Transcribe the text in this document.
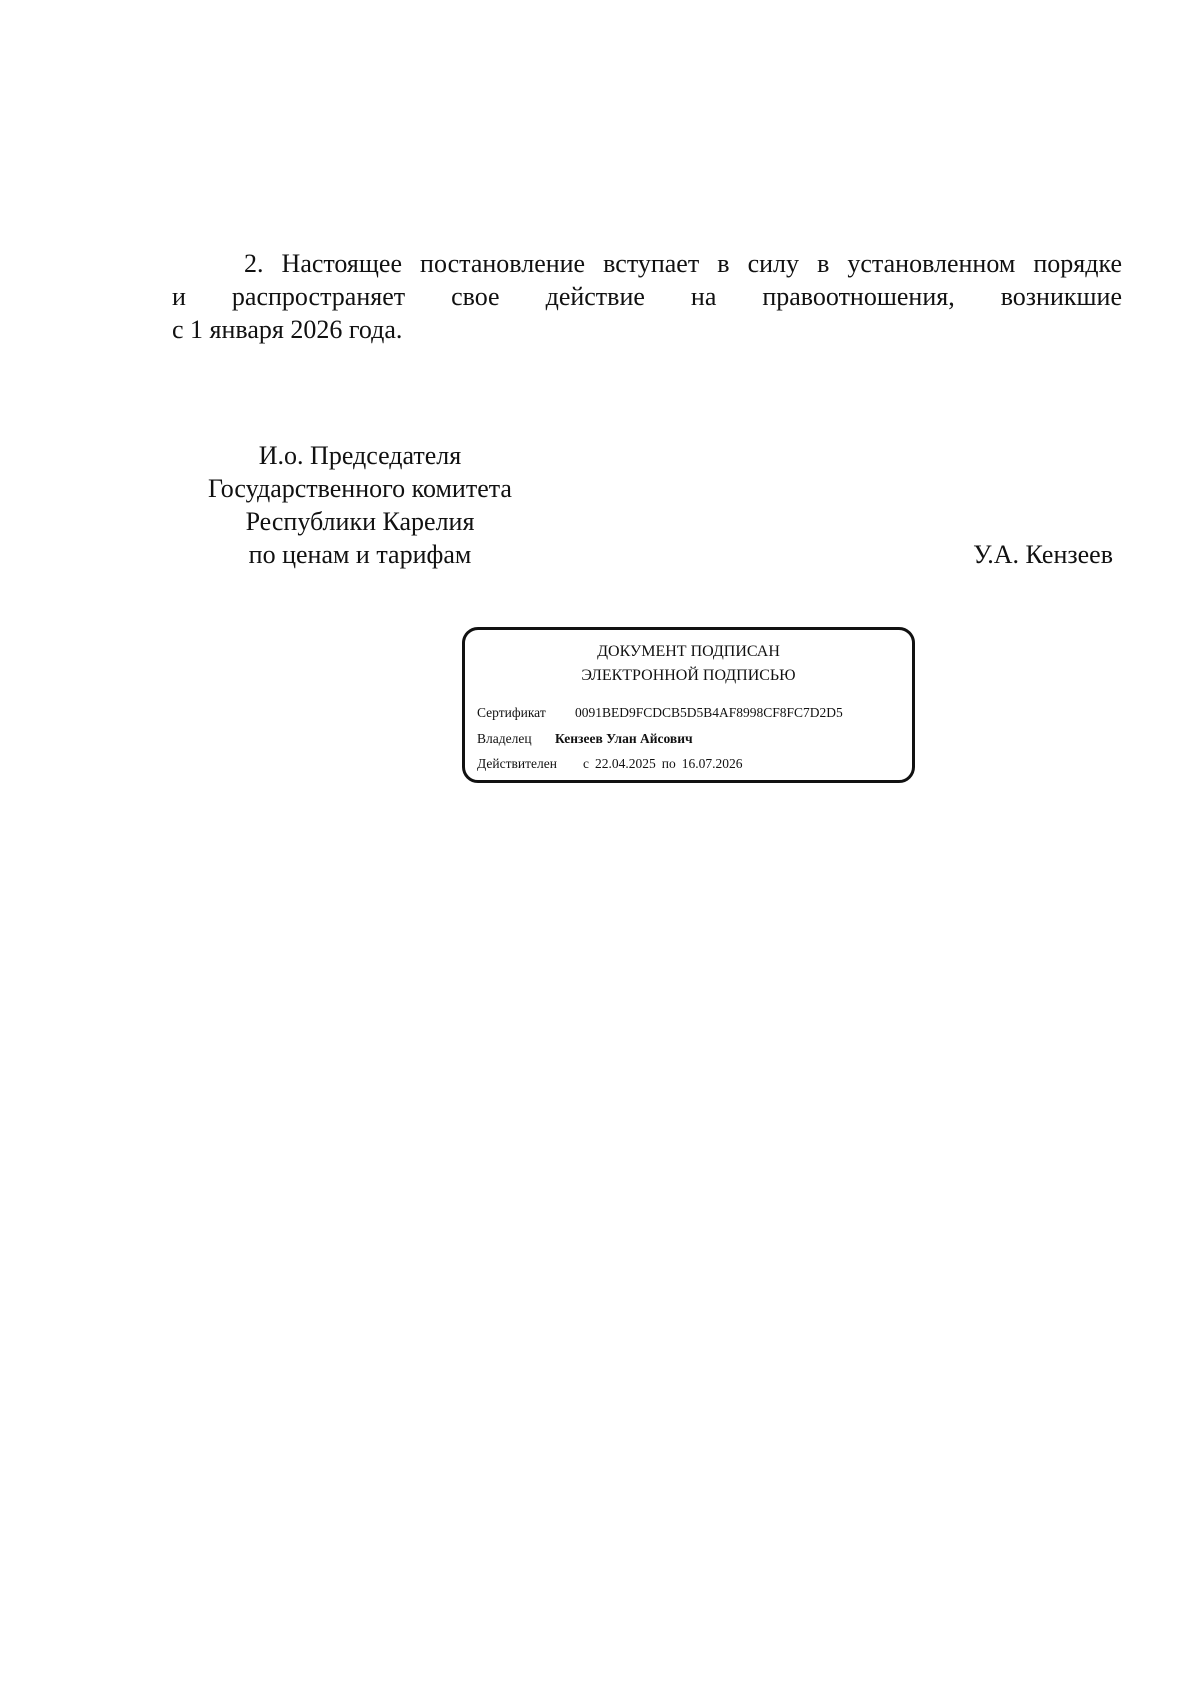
2. Настоящее постановление вступает в силу в установленном порядке
и распространяет свое действие на правоотношения, возникшие
с 1 января 2026 года.
И.о. Председателя
Государственного комитета
Республики Карелия
по ценам и тарифам	У.А. Кензеев
ДОКУМЕНТ ПОДПИСАН
ЭЛЕКТРОННОЙ ПОДПИСЬЮ
Сертификат 0091BED9FCDCB5D5B4AF8998CF8FC7D2D5
Владелец Кензеев Улан Айсович
Действителен с 22.04.2025 по 16.07.2026
